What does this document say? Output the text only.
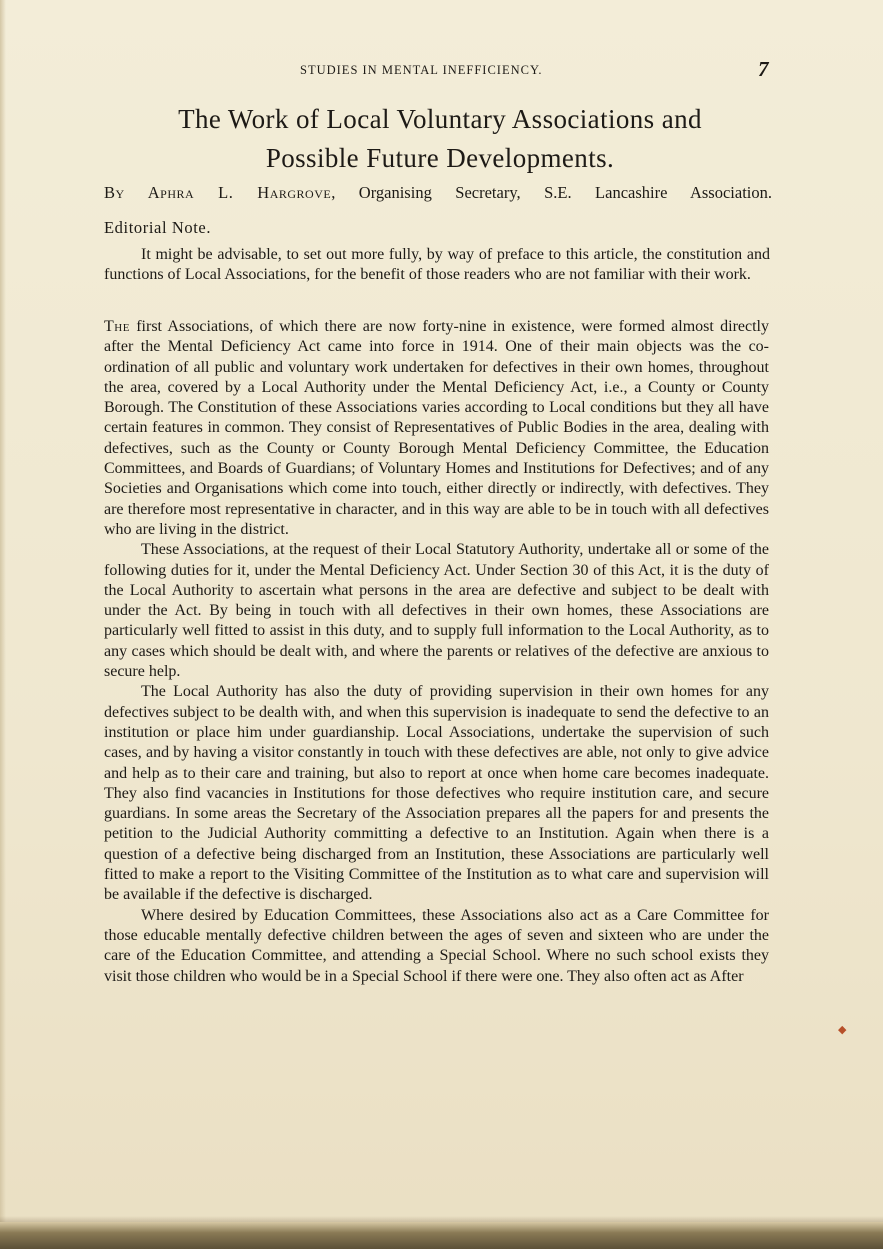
STUDIES IN MENTAL INEFFICIENCY.	7
The Work of Local Voluntary Associations and
Possible Future Developments.
By Aphra L. Hargrove, Organising Secretary, S.E. Lancashire Association.
Editorial Note.
It might be advisable, to set out more fully, by way of preface to this article, the constitution and functions of Local Associations, for the benefit of those readers who are not familiar with their work.

The first Associations, of which there are now forty-nine in existence, were formed almost directly after the Mental Deficiency Act came into force in 1914. One of their main objects was the co-ordination of all public and voluntary work undertaken for defectives in their own homes, throughout the area, covered by a Local Authority under the Mental Deficiency Act, i.e., a County or County Borough. The Constitution of these Associations varies according to Local conditions but they all have certain features in common. They consist of Representatives of Public Bodies in the area, dealing with defectives, such as the County or County Borough Mental Deficiency Committee, the Education Committees, and Boards of Guardians; of Voluntary Homes and Institutions for Defectives; and of any Societies and Organisations which come into touch, either directly or indirectly, with defectives. They are therefore most representative in character, and in this way are able to be in touch with all defectives who are living in the district.

These Associations, at the request of their Local Statutory Authority, undertake all or some of the following duties for it, under the Mental Deficiency Act. Under Section 30 of this Act, it is the duty of the Local Authority to ascertain what persons in the area are defective and subject to be dealt with under the Act. By being in touch with all defectives in their own homes, these Associations are particularly well fitted to assist in this duty, and to supply full information to the Local Authority, as to any cases which should be dealt with, and where the parents or relatives of the defective are anxious to secure help.

The Local Authority has also the duty of providing supervision in their own homes for any defectives subject to be dealth with, and when this supervision is inadequate to send the defective to an institution or place him under guardianship. Local Associations, undertake the supervision of such cases, and by having a visitor constantly in touch with these defectives are able, not only to give advice and help as to their care and training, but also to report at once when home care becomes inadequate. They also find vacancies in Institutions for those defectives who require institution care, and secure guardians. In some areas the Secretary of the Association prepares all the papers for and presents the petition to the Judicial Authority committing a defective to an Institution. Again when there is a question of a defective being discharged from an Institution, these Associations are particularly well fitted to make a report to the Visiting Committee of the Institution as to what care and supervision will be available if the defective is discharged.

Where desired by Education Committees, these Associations also act as a Care Committee for those educable mentally defective children between the ages of seven and sixteen who are under the care of the Education Committee, and attending a Special School. Where no such school exists they visit those children who would be in a Special School if there were one. They also often act as After

◆
